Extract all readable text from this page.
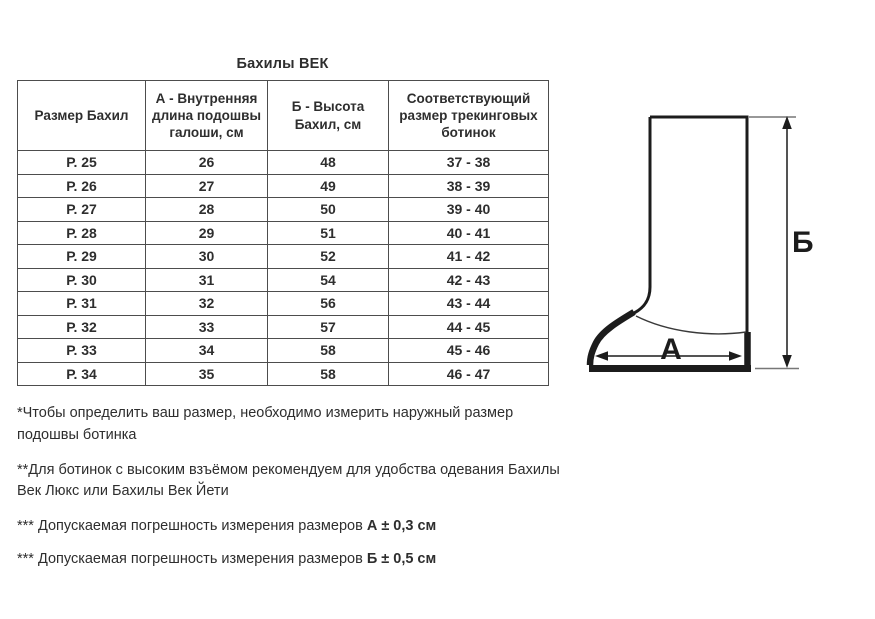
Бахилы ВЕК
Размер Бахил	А - Внутренняя длина подошвы галоши, см	Б - Высота Бахил, см	Соответствующий размер трекинговых ботинок
Р. 25	26	48	37 - 38
Р. 26	27	49	38 - 39
Р. 27	28	50	39 - 40
Р. 28	29	51	40 - 41
Р. 29	30	52	41 - 42
Р. 30	31	54	42 - 43
Р. 31	32	56	43 - 44
Р. 32	33	57	44 - 45
Р. 33	34	58	45 - 46
Р. 34	35	58	46 - 47

*Чтобы определить ваш размер, необходимо измерить наружный размер подошвы ботинка

**Для ботинок с высоким взъёмом рекомендуем для удобства одевания Бахилы Век Люкс или Бахилы Век Йети

*** Допускаемая погрешность измерения размеров А ± 0,3 см

*** Допускаемая погрешность измерения размеров Б ± 0,5 см

А
Б
